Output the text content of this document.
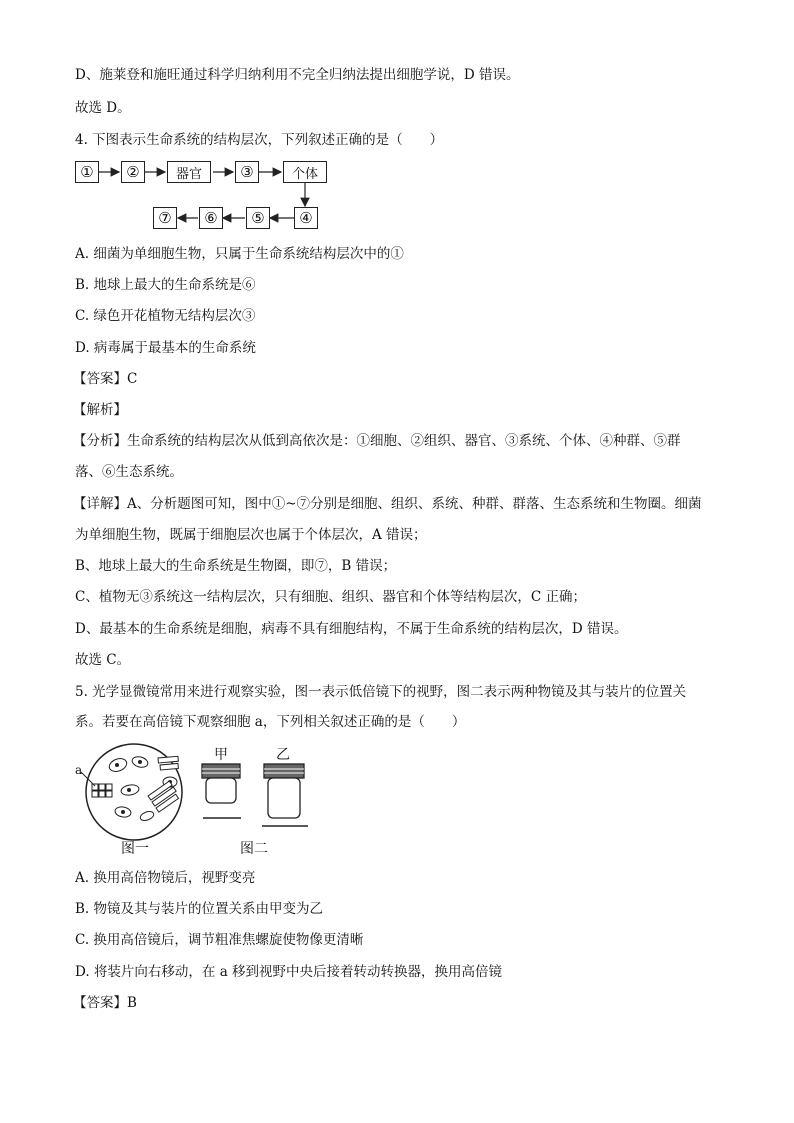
D、施莱登和施旺通过科学归纳利用不完全归纳法提出细胞学说，D 错误。
故选 D。
4. 下图表示生命系统的结构层次，下列叙述正确的是（　　）
①	②	器官	③	个体
④
⑤
⑥
⑦
A. 细菌为单细胞生物，只属于生命系统结构层次中的①
B. 地球上最大的生命系统是⑥
C. 绿色开花植物无结构层次③
D. 病毒属于最基本的生命系统
【答案】C
【解析】
【分析】生命系统的结构层次从低到高依次是：①细胞、②组织、器官、③系统、个体、④种群、⑤群
落、⑥生态系统。
【详解】A、分析题图可知，图中①~⑦分别是细胞、组织、系统、种群、群落、生态系统和生物圈。细菌
为单细胞生物，既属于细胞层次也属于个体层次，A 错误；
B、地球上最大的生命系统是生物圈，即⑦，B 错误；
C、植物无③系统这一结构层次，只有细胞、组织、器官和个体等结构层次，C 正确；
D、最基本的生命系统是细胞，病毒不具有细胞结构，不属于生命系统的结构层次，D 错误。
故选 C。
5. 光学显微镜常用来进行观察实验，图一表示低倍镜下的视野，图二表示两种物镜及其与装片的位置关
系。若要在高倍镜下观察细胞 a，下列相关叙述正确的是（　　）
a
甲	乙
图一	图二
A. 换用高倍物镜后，视野变亮
B. 物镜及其与装片的位置关系由甲变为乙
C. 换用高倍镜后，调节粗准焦螺旋使物像更清晰
D. 将装片向右移动，在 a 移到视野中央后接着转动转换器，换用高倍镜
【答案】B
